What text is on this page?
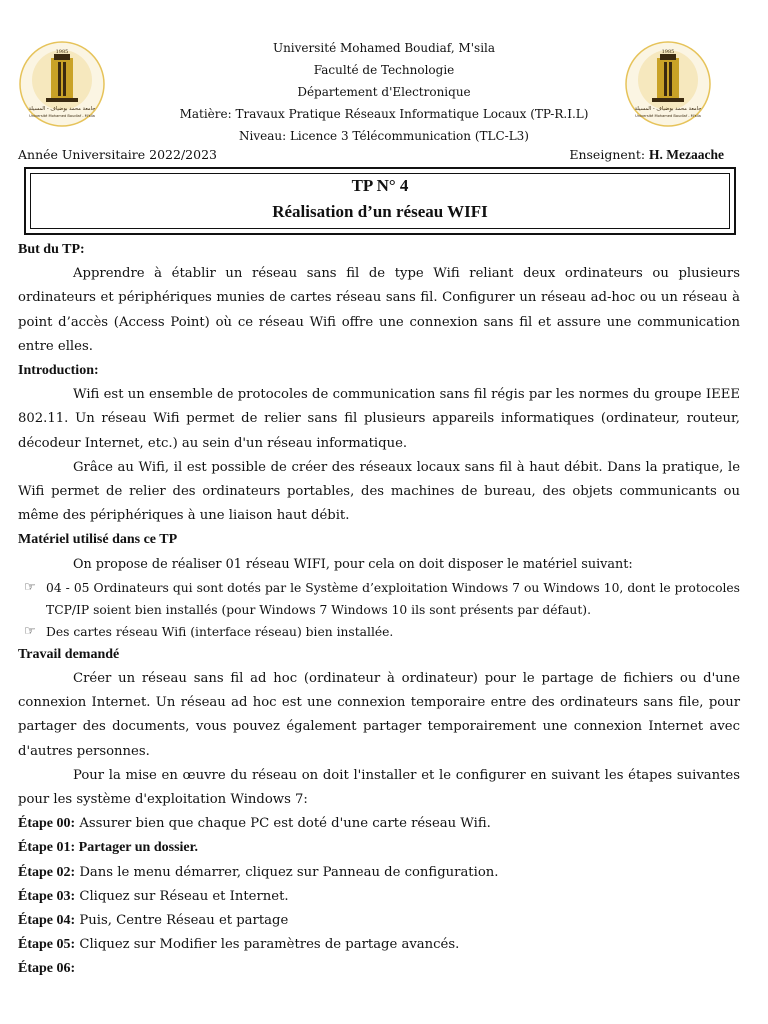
1985
جامعة محمد بوضياف - المسيلة
Université Mohamed Boudiaf - M'sila
1985
جامعة محمد بوضياف - المسيلة
Université Mohamed Boudiaf - M'sila
Université Mohamed Boudiaf, M'sila
Faculté de Technologie
Département d'Electronique
Matière: Travaux Pratique Réseaux Informatique Locaux (TP-R.I.L)
Niveau: Licence 3 Télécommunication (TLC-L3)
Année Universitaire 2022/2023	Enseignent: H. Mezaache
TP N° 4
Réalisation d’un réseau WIFI
But du TP:
Apprendre à établir un réseau sans fil de type Wifi reliant deux ordinateurs ou plusieurs ordinateurs et périphériques munies de cartes réseau sans fil. Configurer un réseau ad-hoc ou un réseau à point d’accès (Access Point) où ce réseau Wifi offre une connexion sans fil et assure une communication entre elles.
Introduction:
Wifi est un ensemble de protocoles de communication sans fil régis par les normes du groupe IEEE 802.11. Un réseau Wifi permet de relier sans fil plusieurs appareils informatiques (ordinateur, routeur, décodeur Internet, etc.) au sein d'un réseau informatique.
Grâce au Wifi, il est possible de créer des réseaux locaux sans fil à haut débit. Dans la pratique, le Wifi permet de relier des ordinateurs portables, des machines de bureau, des objets communicants ou même des périphériques à une liaison haut débit.
Matériel utilisé dans ce TP
On propose de réaliser 01 réseau WIFI, pour cela on doit disposer le matériel suivant:
☞ 04 - 05 Ordinateurs qui sont dotés par le Système d’exploitation Windows 7 ou Windows 10, dont le protocoles TCP/IP soient bien installés (pour Windows 7 Windows 10 ils sont présents par défaut).
☞ Des cartes réseau Wifi (interface réseau) bien installée.
Travail demandé
Créer un réseau sans fil ad hoc (ordinateur à ordinateur) pour le partage de fichiers ou d'une connexion Internet. Un réseau ad hoc est une connexion temporaire entre des ordinateurs sans file, pour partager des documents, vous pouvez également partager temporairement une connexion Internet avec d'autres personnes.
Pour la mise en œuvre du réseau on doit l'installer et le configurer en suivant les étapes suivantes pour les système d'exploitation Windows 7:
Étape 00: Assurer bien que chaque PC est doté d'une carte réseau Wifi.
Étape 01: Partager un dossier.
Étape 02: Dans le menu démarrer, cliquez sur Panneau de configuration.
Étape 03: Cliquez sur Réseau et Internet.
Étape 04: Puis, Centre Réseau et partage
Étape 05: Cliquez sur Modifier les paramètres de partage avancés.
Étape 06:
